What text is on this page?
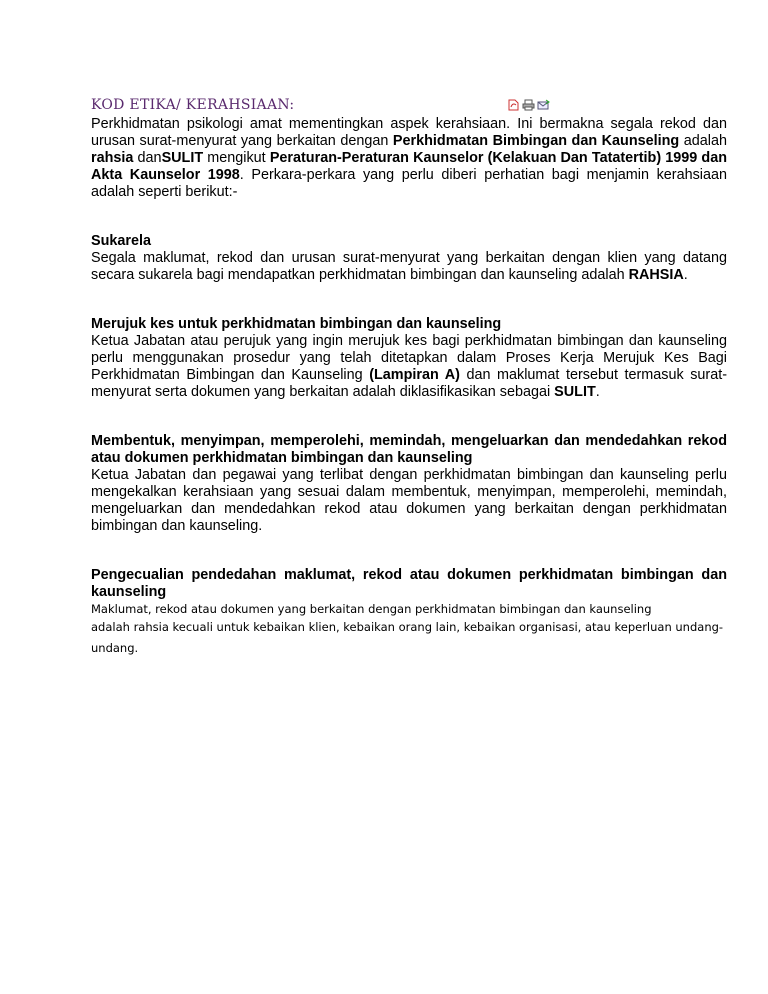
KOD ETIKA/ KERAHSIAAN:

Perkhidmatan psikologi amat mementingkan aspek kerahsiaan. Ini bermakna segala rekod dan urusan surat-menyurat yang berkaitan dengan Perkhidmatan Bimbingan dan Kaunseling adalah rahsia danSULIT mengikut Peraturan-Peraturan Kaunselor (Kelakuan Dan Tatatertib) 1999 dan Akta Kaunselor 1998. Perkara-perkara yang perlu diberi perhatian bagi menjamin kerahsiaan adalah seperti berikut:-

Sukarela

Segala maklumat, rekod dan urusan surat-menyurat yang berkaitan dengan klien yang datang secara sukarela bagi mendapatkan perkhidmatan bimbingan dan kaunseling adalah RAHSIA.

Merujuk kes untuk perkhidmatan bimbingan dan kaunseling

Ketua Jabatan atau perujuk yang ingin merujuk kes bagi perkhidmatan bimbingan dan kaunseling perlu menggunakan prosedur yang telah ditetapkan dalam Proses Kerja Merujuk Kes Bagi Perkhidmatan Bimbingan dan Kaunseling (Lampiran A) dan maklumat tersebut termasuk surat-menyurat serta dokumen yang berkaitan adalah diklasifikasikan sebagai SULIT.

Membentuk, menyimpan, memperolehi, memindah, mengeluarkan dan mendedahkan rekod atau dokumen perkhidmatan bimbingan dan kaunseling

Ketua Jabatan dan pegawai yang terlibat dengan perkhidmatan bimbingan dan kaunseling perlu mengekalkan kerahsiaan yang sesuai dalam membentuk, menyimpan, memperolehi, memindah, mengeluarkan dan mendedahkan rekod atau dokumen yang berkaitan dengan perkhidmatan bimbingan dan kaunseling.

Pengecualian pendedahan maklumat, rekod atau dokumen perkhidmatan bimbingan dan kaunseling

Maklumat, rekod atau dokumen yang berkaitan dengan perkhidmatan bimbingan dan kaunseling

adalah rahsia kecuali untuk kebaikan klien, kebaikan orang lain, kebaikan organisasi, atau keperluan undang-

undang.
